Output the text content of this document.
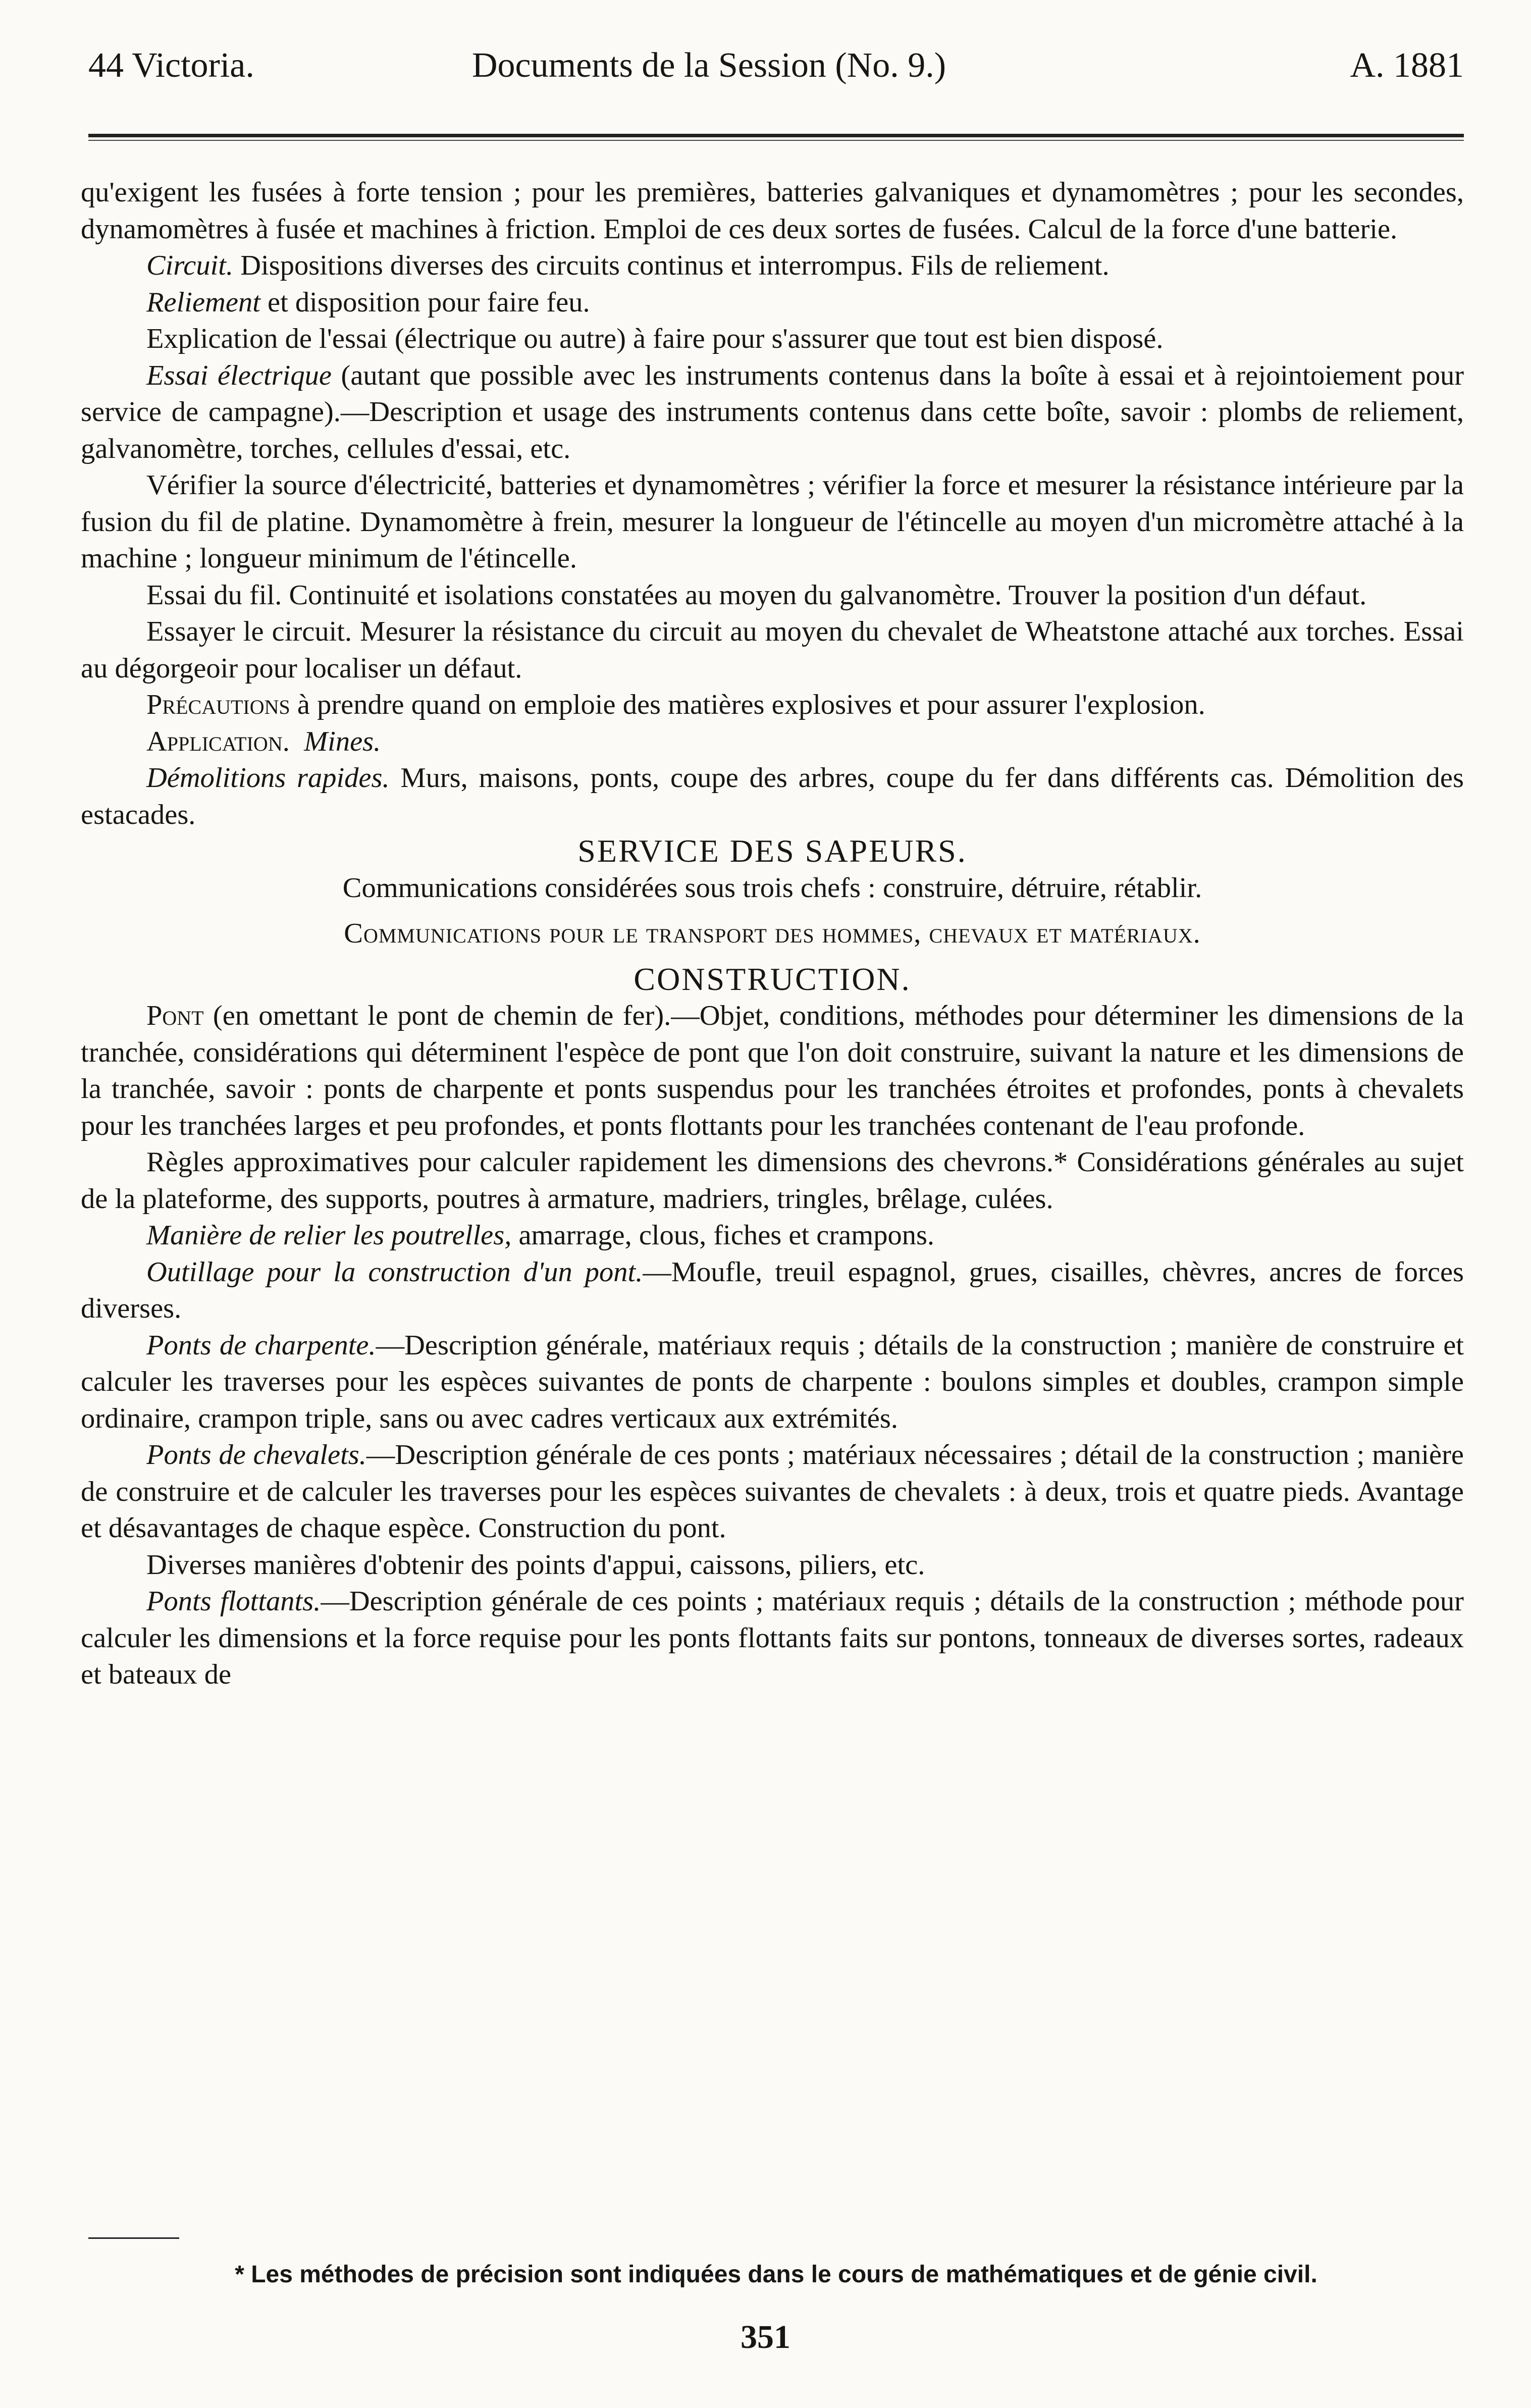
44 Victoria.	Documents de la Session (No. 9.)	A. 1881

qu'exigent les fusées à forte tension ; pour les premières, batteries galvaniques et dynamomètres ; pour les secondes, dynamomètres à fusée et machines à friction. Emploi de ces deux sortes de fusées. Calcul de la force d'une batterie.

Circuit. Dispositions diverses des circuits continus et interrompus. Fils de reliement.

Reliement et disposition pour faire feu.

Explication de l'essai (électrique ou autre) à faire pour s'assurer que tout est bien disposé.

Essai électrique (autant que possible avec les instruments contenus dans la boîte à essai et à rejointoiement pour service de campagne).—Description et usage des instruments contenus dans cette boîte, savoir : plombs de reliement, galvanomètre, torches, cellules d'essai, etc.

Vérifier la source d'électricité, batteries et dynamomètres ; vérifier la force et mesurer la résistance intérieure par la fusion du fil de platine. Dynamomètre à frein, mesurer la longueur de l'étincelle au moyen d'un micromètre attaché à la machine ; longueur minimum de l'étincelle.

Essai du fil. Continuité et isolations constatées au moyen du galvanomètre. Trouver la position d'un défaut.

Essayer le circuit. Mesurer la résistance du circuit au moyen du chevalet de Wheatstone attaché aux torches. Essai au dégorgeoir pour localiser un défaut.

Précautions à prendre quand on emploie des matières explosives et pour assurer l'explosion.

Application. Mines.

Démolitions rapides. Murs, maisons, ponts, coupe des arbres, coupe du fer dans différents cas. Démolition des estacades.

SERVICE DES SAPEURS.

Communications considérées sous trois chefs : construire, détruire, rétablir.

Communications pour le transport des hommes, chevaux et matériaux.

CONSTRUCTION.

Pont (en omettant le pont de chemin de fer).—Objet, conditions, méthodes pour déterminer les dimensions de la tranchée, considérations qui déterminent l'espèce de pont que l'on doit construire, suivant la nature et les dimensions de la tranchée, savoir : ponts de charpente et ponts suspendus pour les tranchées étroites et profondes, ponts à chevalets pour les tranchées larges et peu profondes, et ponts flottants pour les tranchées contenant de l'eau profonde.

Règles approximatives pour calculer rapidement les dimensions des chevrons.* Considérations générales au sujet de la plateforme, des supports, poutres à armature, madriers, tringles, brêlage, culées.

Manière de relier les poutrelles, amarrage, clous, fiches et crampons.

Outillage pour la construction d'un pont.—Moufle, treuil espagnol, grues, cisailles, chèvres, ancres de forces diverses.

Ponts de charpente.—Description générale, matériaux requis ; détails de la construction ; manière de construire et calculer les traverses pour les espèces suivantes de ponts de charpente : boulons simples et doubles, crampon simple ordinaire, crampon triple, sans ou avec cadres verticaux aux extrémités.

Ponts de chevalets.—Description générale de ces ponts ; matériaux nécessaires ; détail de la construction ; manière de construire et de calculer les traverses pour les espèces suivantes de chevalets : à deux, trois et quatre pieds. Avantage et désavantages de chaque espèce. Construction du pont.

Diverses manières d'obtenir des points d'appui, caissons, piliers, etc.

Ponts flottants.—Description générale de ces points ; matériaux requis ; détails de la construction ; méthode pour calculer les dimensions et la force requise pour les ponts flottants faits sur pontons, tonneaux de diverses sortes, radeaux et bateaux de

* Les méthodes de précision sont indiquées dans le cours de mathématiques et de génie civil.
351
